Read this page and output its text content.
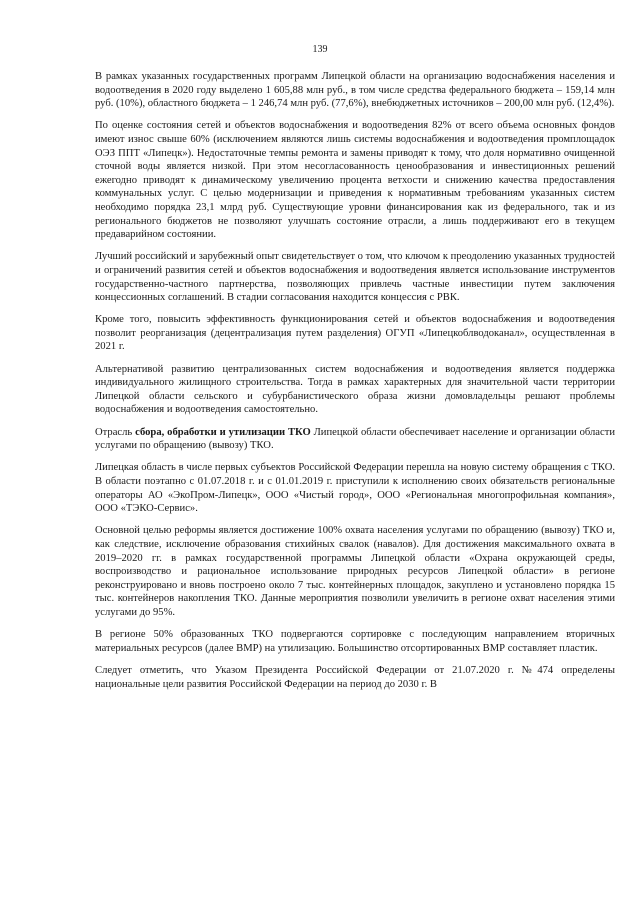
139

В рамках указанных государственных программ Липецкой области на организацию водоснабжения населения и водоотведения в 2020 году выделено 1 605,88 млн руб., в том числе средства федерального бюджета – 159,14 млн руб. (10%), областного бюджета – 1 246,74 млн руб. (77,6%), внебюджетных источников – 200,00 млн руб. (12,4%).

По оценке состояния сетей и объектов водоснабжения и водоотведения 82% от всего объема основных фондов имеют износ свыше 60% (исключением являются лишь системы водоснабжения и водоотведения промплощадок ОЭЗ ППТ «Липецк»). Недостаточные темпы ремонта и замены приводят к тому, что доля нормативно очищенной сточной воды является низкой. При этом несогласованность ценообразования и инвестиционных решений ежегодно приводят к динамическому увеличению процента ветхости и снижению качества предоставления коммунальных услуг. С целью модернизации и приведения к нормативным требованиям указанных систем необходимо порядка 23,1 млрд руб. Существующие уровни финансирования как из федерального, так и из регионального бюджетов не позволяют улучшать состояние отрасли, а лишь поддерживают его в текущем предаварийном состоянии.

Лучший российский и зарубежный опыт свидетельствует о том, что ключом к преодолению указанных трудностей и ограничений развития сетей и объектов водоснабжения и водоотведения является использование инструментов государственно-частного партнерства, позволяющих привлечь частные инвестиции путем заключения концессионных соглашений. В стадии согласования находится концессия с РВК.

Кроме того, повысить эффективность функционирования сетей и объектов водоснабжения и водоотведения позволит реорганизация (децентрализация путем разделения) ОГУП «Липецкоблводоканал», осуществленная в 2021 г.

Альтернативой развитию централизованных систем водоснабжения и водоотведения является поддержка индивидуального жилищного строительства. Тогда в рамках характерных для значительной части территории Липецкой области сельского и субурбанистического образа жизни домовладельцы решают проблемы водоснабжения и водоотведения самостоятельно.

Отрасль сбора, обработки и утилизации ТКО Липецкой области обеспечивает население и организации области услугами по обращению (вывозу) ТКО.

Липецкая область в числе первых субъектов Российской Федерации перешла на новую систему обращения с ТКО. В области поэтапно с 01.07.2018 г. и с 01.01.2019 г. приступили к исполнению своих обязательств региональные операторы АО «ЭкоПром-Липецк», ООО «Чистый город», ООО «Региональная многопрофильная компания», ООО «ТЭКО-Сервис».

Основной целью реформы является достижение 100% охвата населения услугами по обращению (вывозу) ТКО и, как следствие, исключение образования стихийных свалок (навалов). Для достижения максимального охвата в 2019–2020 гг. в рамках государственной программы Липецкой области «Охрана окружающей среды, воспроизводство и рациональное использование природных ресурсов Липецкой области» в регионе реконструировано и вновь построено около 7 тыс. контейнерных площадок, закуплено и установлено порядка 15 тыс. контейнеров накопления ТКО. Данные мероприятия позволили увеличить в регионе охват населения этими услугами до 95%.

В регионе 50% образованных ТКО подвергаются сортировке с последующим направлением вторичных материальных ресурсов (далее ВМР) на утилизацию. Большинство отсортированных ВМР составляет пластик.

Следует отметить, что Указом Президента Российской Федерации от 21.07.2020 г. №474 определены национальные цели развития Российской Федерации на период до 2030 г. В
